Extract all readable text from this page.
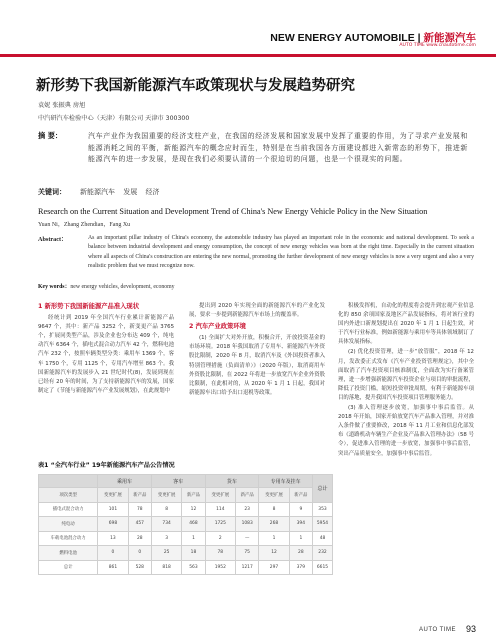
NEW ENERGY AUTOMOBILE | 新能源汽车
AUTO TIME www.cnautotime.com
新形势下我国新能源汽车政策现状与发展趋势研究
袁妮 张振典 房旭
中汽研汽车检验中心（天津）有限公司 天津市 300300
摘 要：	汽车产业作为我国重要的经济支柱产业，在我国的经济发展和国家发展中发挥了重要的作用，为了寻求产业发展和能源消耗之间的平衡，新能源汽车的概念应时而生，特别是在当前我国各方面建设都进入新常态的形势下，推进新能源汽车的进一步发展，是现在我们必须要认清的一个很迫切的问题，也是一个很现实的问题。
关键词： 新能源汽车 发展 经济
Research on the Current Situation and Development Trend of China's New Energy Vehicle Policy in the New Situation
Yuan Ni，Zhang Zhendian，Fang Xu
Abstract：	As an important pillar industry of China's economy, the automobile industry has played an important role in the economic and national development. To seek a balance between industrial development and energy consumption, the concept of new energy vehicles was born at the right time. Especially in the current situation where all aspects of China's construction are entering the new normal, promoting the further development of new energy vehicles is now a very urgent and also a very realistic problem that we must recognize now.
Key words：new energy vehicles, development, economy
1 新形势下我国新能源产品准入现状

经统计到 2019 年全国汽车行业累计新能源产品 9647 个，其中：新产品 3252 个，新变更产品 3765 个，扩展同类型产品，涉及企业也分布达 409 个，纯电动汽车 6364 个，插电式混合动力汽车 42 个，燃料电池汽车 232 个，按照车辆类型分类：乘用车 1369 个，客车 1750 个，专用 1125 个，专用汽车增至 863 个。我国新能源汽车的发展步入 21 世纪时代(8)，发展到现在已经有 20 年的时间，为了支持新能源汽车的发展，国家制定了《节能与新能源汽车产业发展规划》，在此规划中

提出到 2020 年实现全面的新能源汽车的产业化发展，要求一步提到新能源汽车市场上的覆盖率。

2 汽车产业政策环境

(1) 全面扩大对外开放，积极合开，开放投资基金的市场环境。2018 年我国取消了专用车、新能源汽车外资股比限制，2020 年 8 月，取消汽车及《外国投资者准入特别管理措施（负面清单）》（2020 年版），取消商用车外资股比限制，在 2022 年将进一步放宽汽车企业外资股比限制，在此相对的，从 2020 年 1 月 1 日起，我国对新能源车出口给予出口退税等政策。

积极发挥机，自动化的程度将会提升到宏观产业信息化的 850 余项国家及地区产品发展指标，将对该行业的国内外进口新规划提出在 2020 年 1 月 1 日起生效，对于汽车行业标准，例如新能源与乘用车等具体领域制订了具体发展指标。

(2) 优化投资管理，进一步“放管服”，2018 年 12 月，发改委正式发布《汽车产业投资管理规定》，其中全面取消了汽车投资项目核准制度，全面改为实行备案管理，进一步增强新能源汽车投资企业与项目的审批流程，降低了投资门槛，缩短投资审批周期，有利于新能源车项目的落地，提升我国汽车投资项目管理服务能力。

(3) 准入管理逐步放宽，加强事中事后监管。从 2018 年开始，国家开始放宽汽车产品准入管理，并对准入条件做了重要修改，2018 年 11 月工业和信息化部发布《道路机动车辆生产企业及产品准入管理办法》（58 号令），促进准入管理的进一步放宽，加强事中事后监管，突出产品质量安全，加强事中事后监管。

表1 “全汽车行业” 19年新能源汽车产品公告情况
	乘用车		客车		货车		专用车及挂车		总计
项次类型	变更扩展	新产品	变更扩展	新产品	变更扩展	新产品	变更扩展	新产品	
插电式混合动力	101	78	8	12	114	23	8	9	353
纯电动	698	457	734	468	1725	1083	268	394	5954
车载电池混合动力	13	28	3	1	2	—	1	1	48
燃料电池	0	0	25	18	78	75	12	28	232
总计	861	528	818	563	1952	1217	297	379	6615
AUTO TIME 93
